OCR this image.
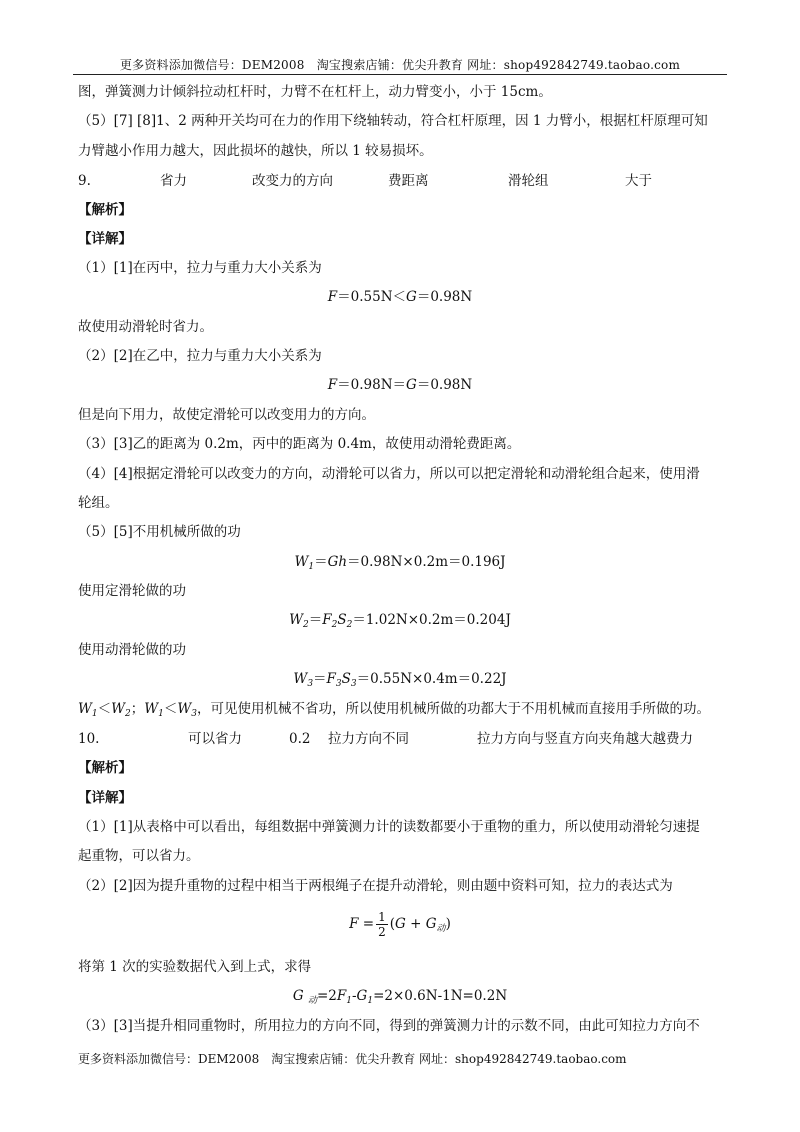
更多资料添加微信号：DEM2008　淘宝搜索店铺：优尖升教育 网址：shop492842749.taobao.com
图，弹簧测力计倾斜拉动杠杆时，力臂不在杠杆上，动力臂变小，小于 15cm。
（5）[7] [8]1、2 两种开关均可在力的作用下绕轴转动，符合杠杆原理，因 1 力臂小，根据杠杆原理可知
力臂越小作用力越大，因此损坏的越快，所以 1 较易损坏。
9.	省力	改变力的方向	费距离	滑轮组	大于
【解析】
【详解】
（1）[1]在丙中，拉力与重力大小关系为
F＝0.55N＜G＝0.98N
故使用动滑轮时省力。
（2）[2]在乙中，拉力与重力大小关系为
F＝0.98N＝G＝0.98N
但是向下用力，故使定滑轮可以改变用力的方向。
（3）[3]乙的距离为 0.2m，丙中的距离为 0.4m，故使用动滑轮费距离。
（4）[4]根据定滑轮可以改变力的方向，动滑轮可以省力，所以可以把定滑轮和动滑轮组合起来，使用滑
轮组。
（5）[5]不用机械所做的功
$W_1=Gh=0.98N\times 0.2m=0.196J$
使用定滑轮做的功
$W_2=F_2S_2=1.02N\times 0.2m=0.204J$
使用动滑轮做的功
$W_3=F_3S_3=0.55N\times 0.4m=0.22J$
$W_1<W_2$；$W_1<W_3$，可见使用机械不省功，所以使用机械所做的功都大于不用机械而直接用手所做的功。
10.	可以省力	0.2 拉力方向不同	拉力方向与竖直方向夹角越大越费力
【解析】
【详解】
（1）[1]从表格中可以看出，每组数据中弹簧测力计的读数都要小于重物的重力，所以使用动滑轮匀速提
起重物，可以省力。
（2）[2]因为提升重物的过程中相当于两根绳子在提升动滑轮，则由题中资料可知，拉力的表达式为
$F = \frac{1}{2} (G + G_动)$
将第 1 次的实验数据代入到上式，求得
G $_动=2F_1-G_1=2\times 0.6N-1N=0.2N$
（3）[3]当提升相同重物时，所用拉力的方向不同，得到的弹簧测力计的示数不同，由此可知拉力方向不
更多资料添加微信号：DEM2008　淘宝搜索店铺：优尖升教育 网址：shop492842749.taobao.com
